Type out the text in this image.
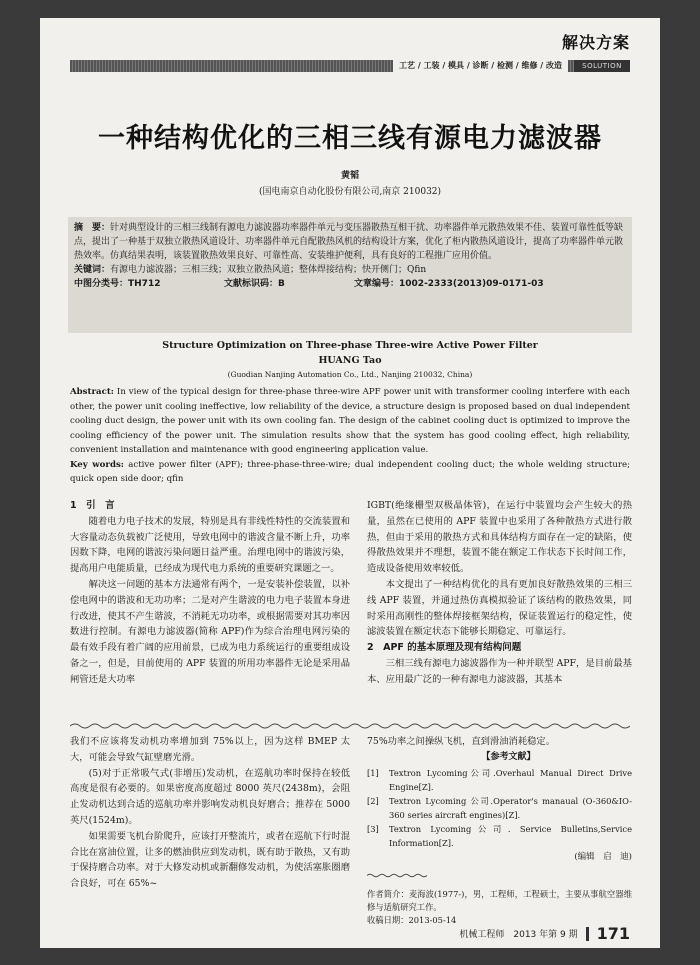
解决方案
工艺 / 工装 / 模具 / 诊断 / 检测 / 维修 / 改造	SOLUTION
一种结构优化的三相三线有源电力滤波器
黄韬
(国电南京自动化股份有限公司,南京 210032)

摘　要：针对典型设计的三相三线制有源电力滤波器功率器件单元与变压器散热互相干扰、功率器件单元散热效果不佳、装置可靠性低等缺点，提出了一种基于双独立散热风道设计、功率器件单元自配散热风机的结构设计方案，优化了柜内散热风道设计，提高了功率器件单元散热效率。仿真结果表明，该装置散热效果良好、可靠性高、安装维护便利，具有良好的工程推广应用价值。

关键词：有源电力滤波器；三相三线；双独立散热风道；整体焊接结构；快开侧门；Qfin

中图分类号：TH712	文献标识码：B	文章编号：1002-2333(2013)09-0171-03
Structure Optimization on Three-phase Three-wire Active Power Filter
HUANG Tao
(Guodian Nanjing Automation Co., Ltd., Nanjing 210032, China)

Abstract: In view of the typical design for three-phase three-wire APF power unit with transformer cooling interfere with each other, the power unit cooling ineffective, low reliability of the device, a structure design is proposed based on dual independent cooling duct design, the power unit with its own cooling fan. The design of the cabinet cooling duct is optimized to improve the cooling efficiency of the power unit. The simulation results show that the system has good cooling effect, high reliability, convenient installation and maintenance with good engineering application value.

Key words: active power filter (APF); three-phase-three-wire; dual independent cooling duct; the whole welding structure; quick open side door; qfin

1　引　言

随着电力电子技术的发展，特别是具有非线性特性的交流装置和大容量动态负载被广泛使用，导致电网中的谐波含量不断上升，功率因数下降，电网的谐波污染问题日益严重。治理电网中的谐波污染，提高用户电能质量，已经成为现代电力系统的重要研究课题之一。

解决这一问题的基本方法通常有两个，一是安装补偿装置，以补偿电网中的谐波和无功功率；二是对产生谐波的电力电子装置本身进行改进，使其不产生谐波，不消耗无功功率，或根据需要对其功率因数进行控制。有源电力滤波器(简称 APF)作为综合治理电网污染的最有效手段有着广阔的应用前景，已成为电力系统运行的重要组成设备之一，但是，目前使用的 APF 装置的所用功率器件无论是采用晶闸管还是大功率

IGBT(绝缘栅型双极晶体管)，在运行中装置均会产生较大的热量，虽然在已使用的 APF 装置中也采用了各种散热方式进行散热，但由于采用的散热方式和具体结构方面存在一定的缺陷，使得散热效果并不理想，装置不能在额定工作状态下长时间工作，造成设备使用效率较低。

本文提出了一种结构优化的具有更加良好散热效果的三相三线 APF 装置，并通过热仿真模拟验证了该结构的散热效果，同时采用高刚性的整体焊接框架结构，保证装置运行的稳定性，使滤波装置在额定状态下能够长期稳定、可靠运行。

2　APF 的基本原理及现有结构问题

三相三线有源电力滤波器作为一种并联型 APF，是目前最基本、应用最广泛的一种有源电力滤波器，其基本

我们不应该将发动机功率增加到 75%以上，因为这样 BMEP 太大，可能会导致气缸壁磨光滑。

(5)对于正常吸气式(非增压)发动机，在巡航功率时保持在较低高度是很有必要的。如果密度高度超过 8000 英尺(2438m)，会阻止发动机达到合适的巡航功率并影响发动机良好磨合；推荐在 5000 英尺(1524m)。

如果需要飞机台阶爬升，应该打开整流片，或者在巡航下行时混合比在富油位置，让多的燃油供应到发动机，既有助于散热，又有助于保持磨合功率。对于大修发动机或新翻修发动机，为使活塞胀圈磨合良好，可在 65%~

75%功率之间操纵飞机，直到滑油消耗稳定。

【参考文献】

[1] Textron Lycoming公司.Overhaul Manual Direct Drive Engine[Z].

[2] Textron Lycoming 公司.Operator's manaual (O-360&IO-360 series aircraft engines)[Z].

[3] Textron Lycoming公司. Service Bulletins,Service Information[Z].

(编辑　启　迪)

作者简介：麦海波(1977-)，男，工程师，工程硕士，主要从事航空器维修与适航研究工作。

收稿日期：2013-05-14

机械工程师　2013 年第 9 期 171
